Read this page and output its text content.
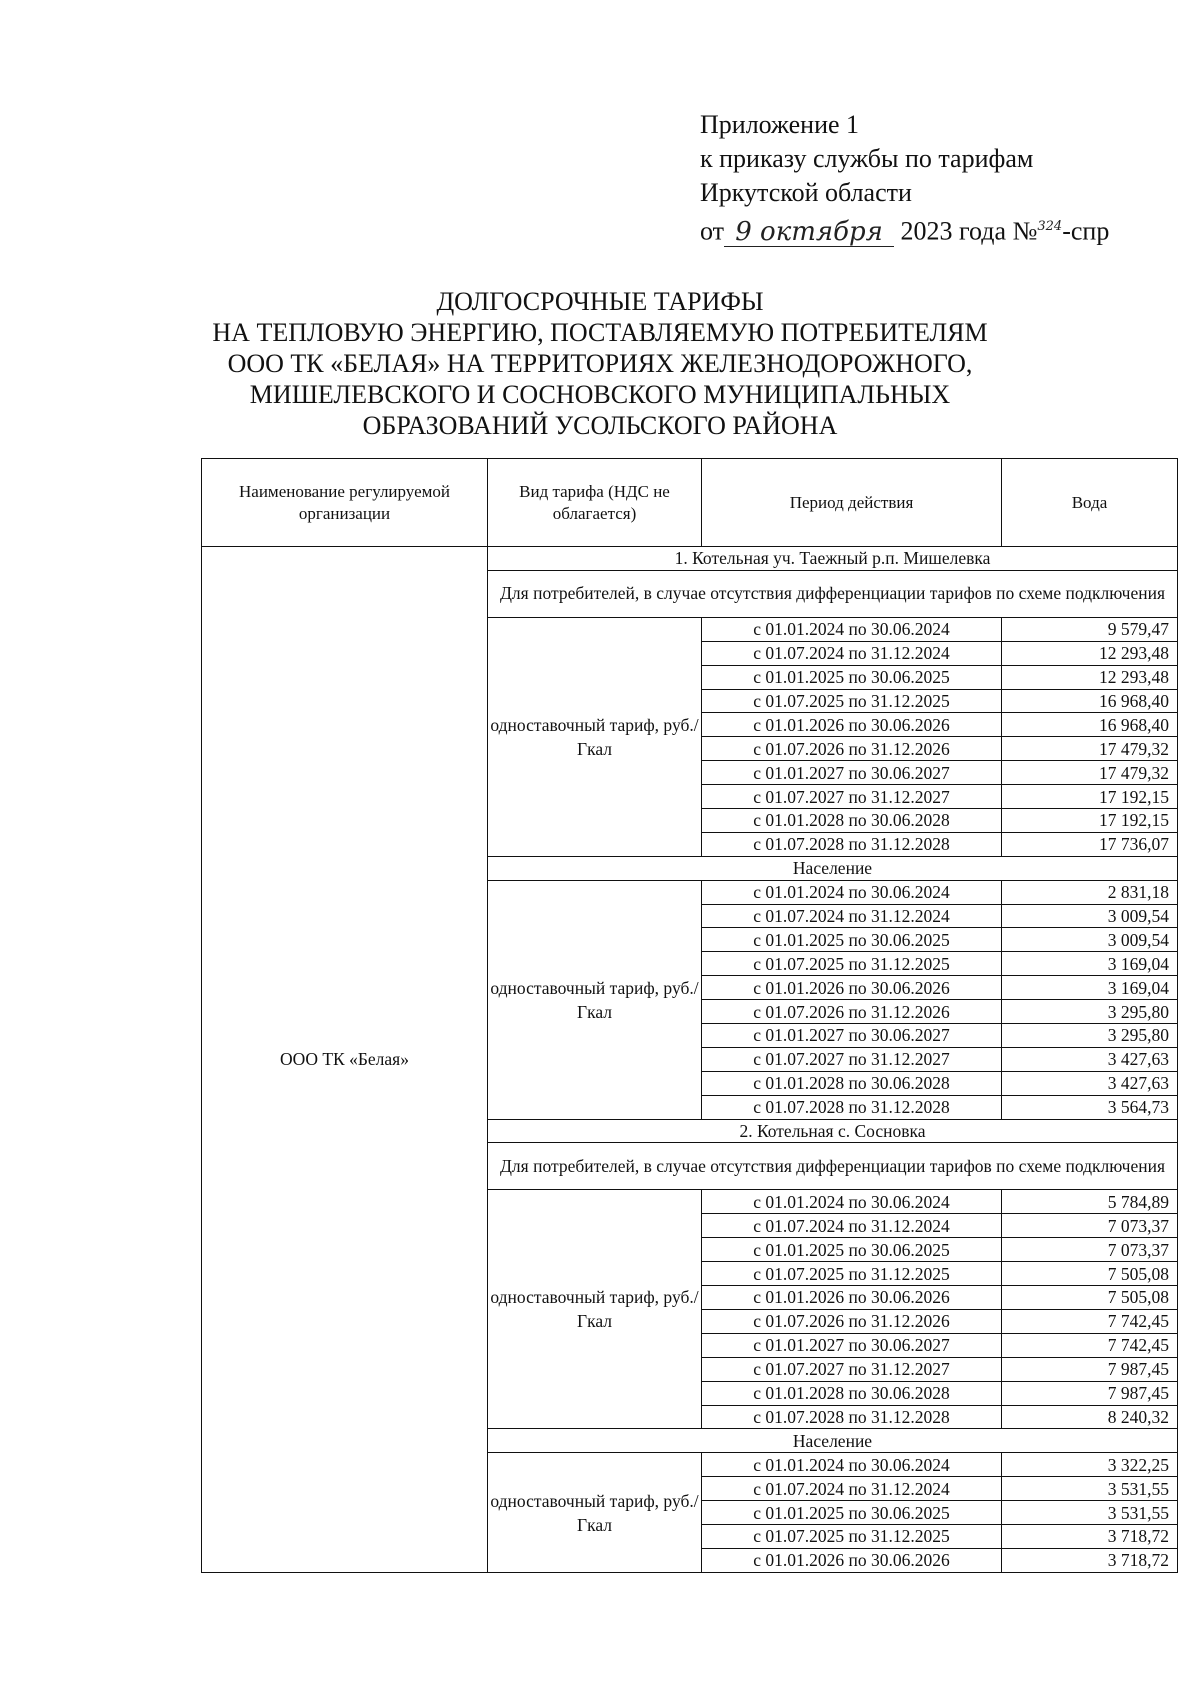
Приложение 1
к приказу службы по тарифам
Иркутской области
от 9 октября 2023 года №324-спр
ДОЛГОСРОЧНЫЕ ТАРИФЫ
НА ТЕПЛОВУЮ ЭНЕРГИЮ, ПОСТАВЛЯЕМУЮ ПОТРЕБИТЕЛЯМ
ООО ТК «БЕЛАЯ» НА ТЕРРИТОРИЯХ ЖЕЛЕЗНОДОРОЖНОГО,
МИШЕЛЕВСКОГО И СОСНОВСКОГО МУНИЦИПАЛЬНЫХ
ОБРАЗОВАНИЙ УСОЛЬСКОГО РАЙОНА
Наименование регулируемой организации	Вид тарифа (НДС не облагается)	Период действия	Вода
ООО ТК «Белая»	1. Котельная уч. Таежный р.п. Мишелевка		
	Для потребителей, в случае отсутствия дифференциации тарифов по схеме подключения		
	одноставочный тариф, руб./Гкал	с 01.01.2024 по 30.06.2024	9 579,47
		с 01.07.2024 по 31.12.2024	12 293,48
		с 01.01.2025 по 30.06.2025	12 293,48
		с 01.07.2025 по 31.12.2025	16 968,40
		с 01.01.2026 по 30.06.2026	16 968,40
		с 01.07.2026 по 31.12.2026	17 479,32
		с 01.01.2027 по 30.06.2027	17 479,32
		с 01.07.2027 по 31.12.2027	17 192,15
		с 01.01.2028 по 30.06.2028	17 192,15
		с 01.07.2028 по 31.12.2028	17 736,07
	Население		
	одноставочный тариф, руб./Гкал	с 01.01.2024 по 30.06.2024	2 831,18
		с 01.07.2024 по 31.12.2024	3 009,54
		с 01.01.2025 по 30.06.2025	3 009,54
		с 01.07.2025 по 31.12.2025	3 169,04
		с 01.01.2026 по 30.06.2026	3 169,04
		с 01.07.2026 по 31.12.2026	3 295,80
		с 01.01.2027 по 30.06.2027	3 295,80
		с 01.07.2027 по 31.12.2027	3 427,63
		с 01.01.2028 по 30.06.2028	3 427,63
		с 01.07.2028 по 31.12.2028	3 564,73
	2. Котельная с. Сосновка		
	Для потребителей, в случае отсутствия дифференциации тарифов по схеме подключения		
	одноставочный тариф, руб./Гкал	с 01.01.2024 по 30.06.2024	5 784,89
		с 01.07.2024 по 31.12.2024	7 073,37
		с 01.01.2025 по 30.06.2025	7 073,37
		с 01.07.2025 по 31.12.2025	7 505,08
		с 01.01.2026 по 30.06.2026	7 505,08
		с 01.07.2026 по 31.12.2026	7 742,45
		с 01.01.2027 по 30.06.2027	7 742,45
		с 01.07.2027 по 31.12.2027	7 987,45
		с 01.01.2028 по 30.06.2028	7 987,45
		с 01.07.2028 по 31.12.2028	8 240,32
	Население		
	одноставочный тариф, руб./Гкал	с 01.01.2024 по 30.06.2024	3 322,25
		с 01.07.2024 по 31.12.2024	3 531,55
		с 01.01.2025 по 30.06.2025	3 531,55
		с 01.07.2025 по 31.12.2025	3 718,72
		с 01.01.2026 по 30.06.2026	3 718,72
